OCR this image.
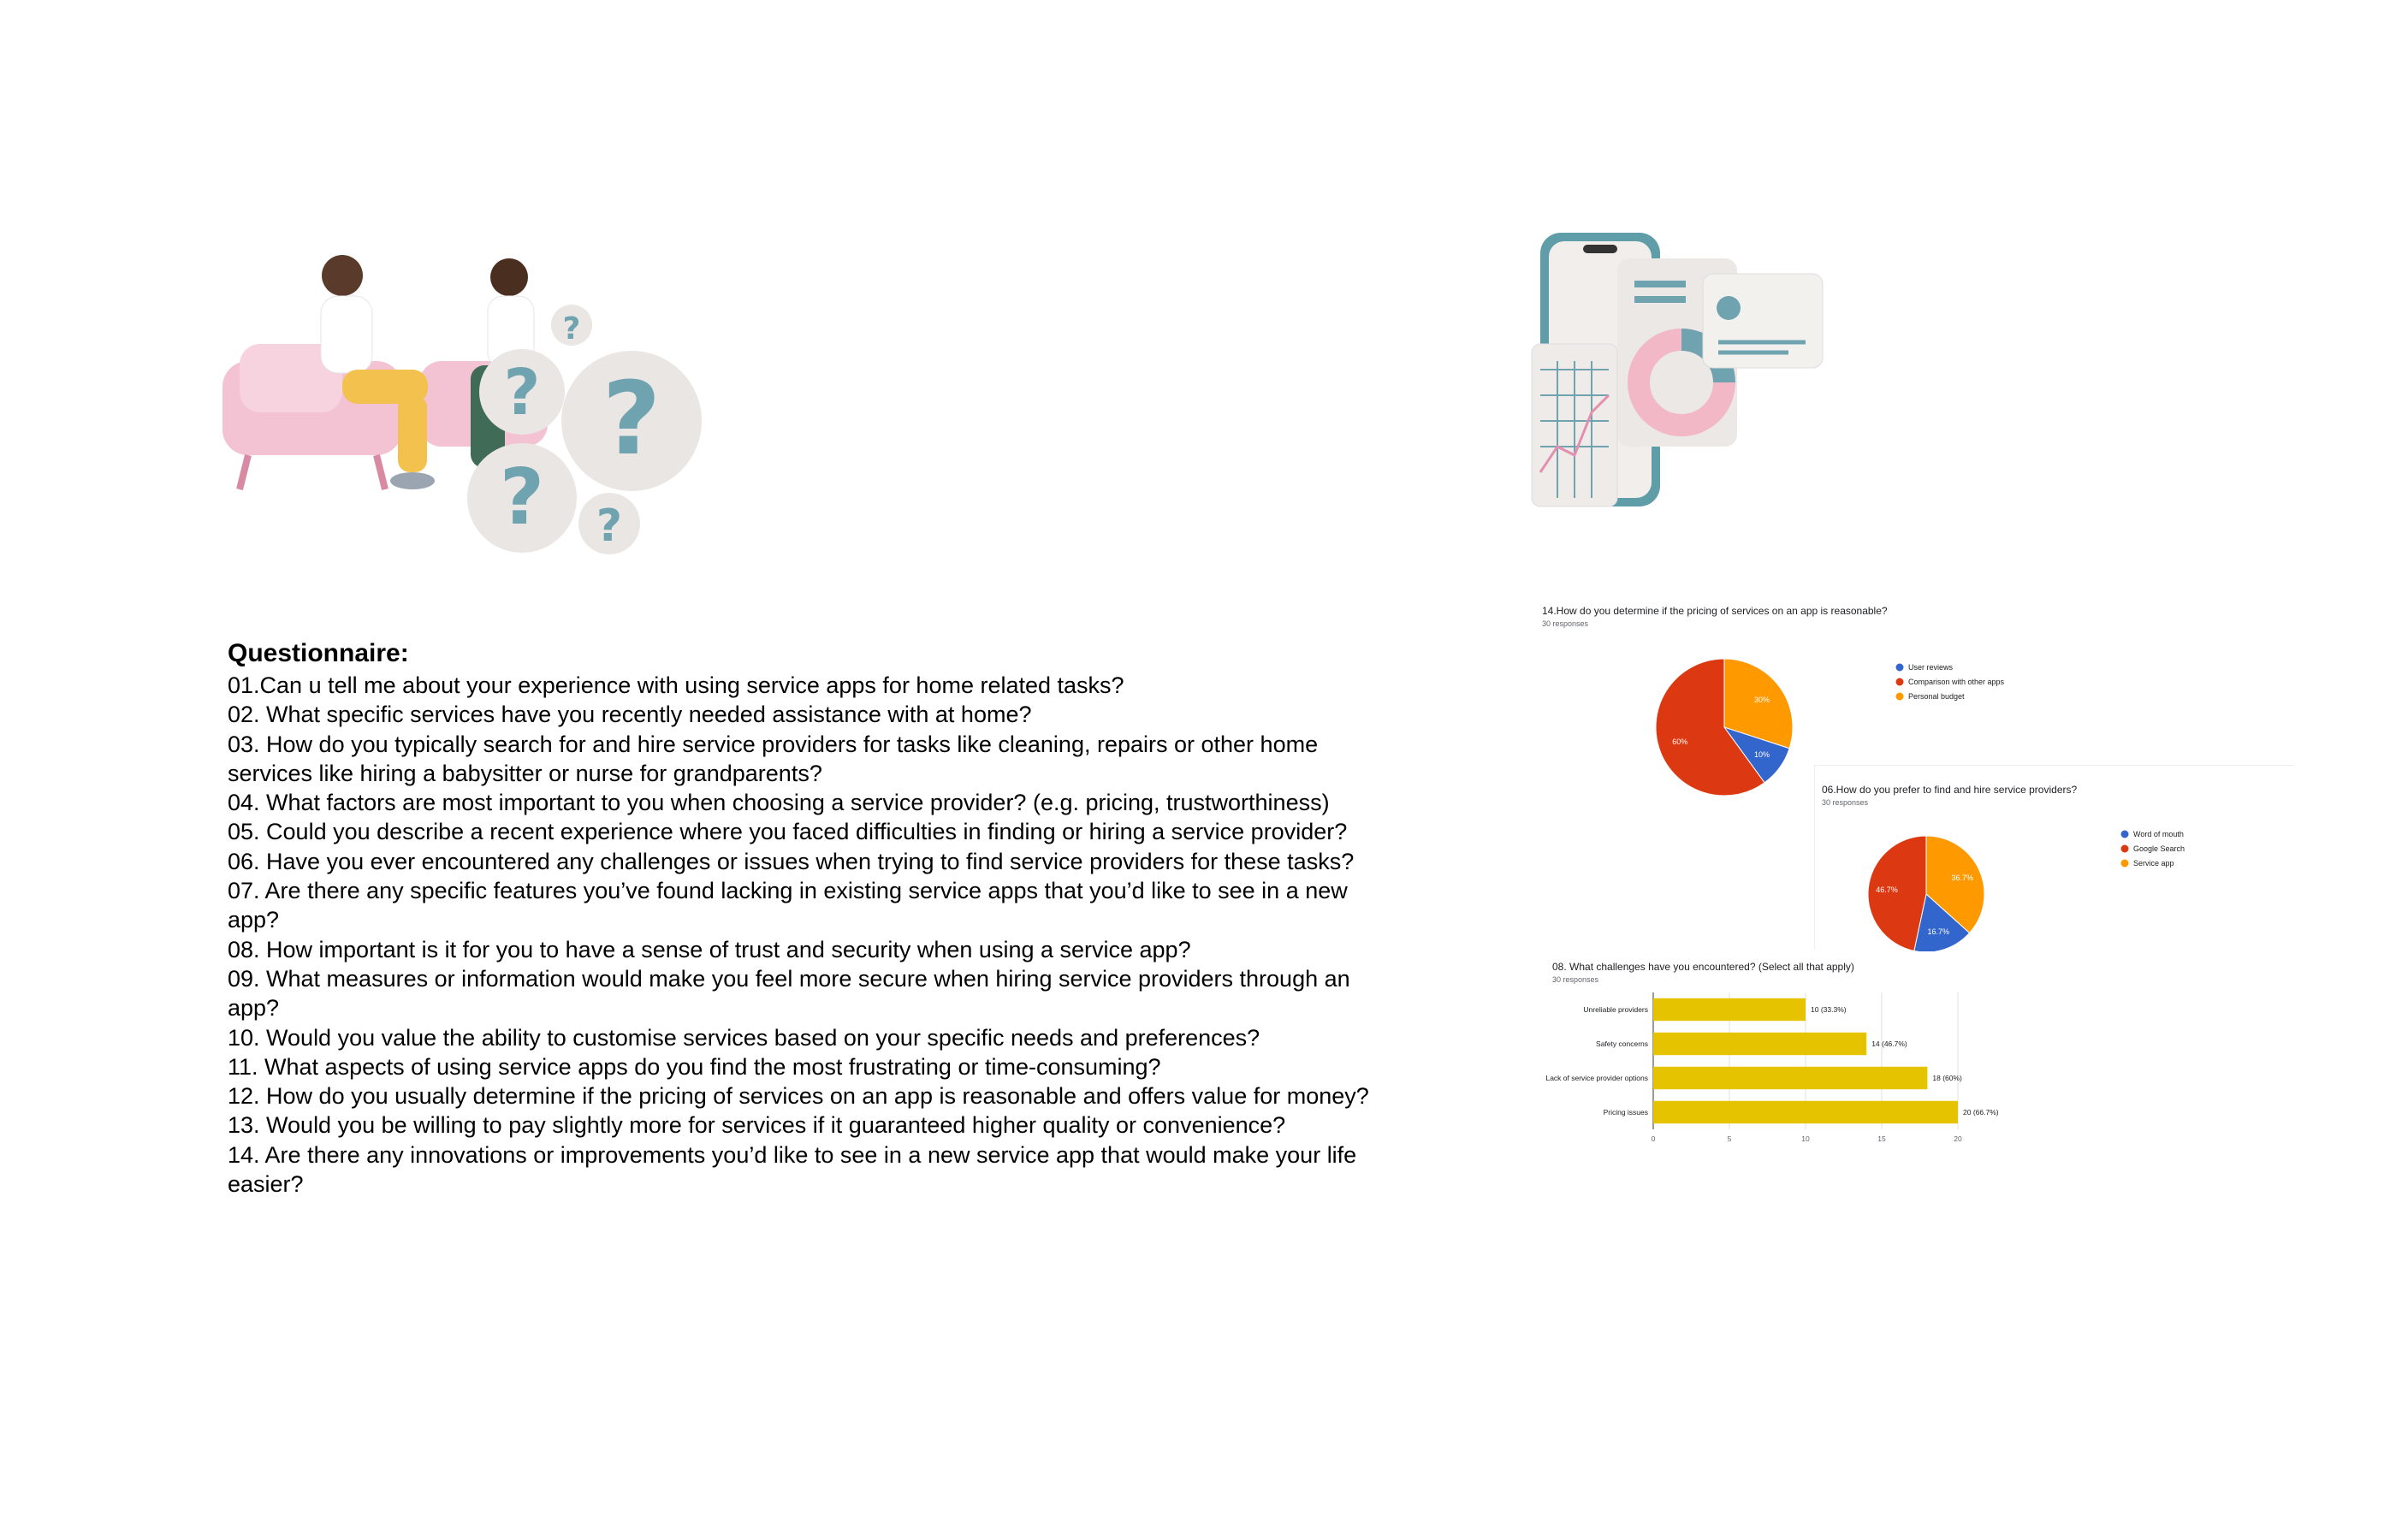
?
?
? ?
?
Questionnaire:
01.Can u tell me about your experience with using service apps for home related tasks?
02. What specific services have you recently needed assistance with at home?
03. How do you typically search for and hire service providers for tasks like cleaning, repairs or other home
services like hiring a babysitter or nurse for grandparents?
04. What factors are most important to you when choosing a service provider? (e.g. pricing, trustworthiness)
05. Could you describe a recent experience where you faced difficulties in finding or hiring a service provider?
06. Have you ever encountered any challenges or issues when trying to find service providers for these tasks?
07. Are there any specific features you’ve found lacking in existing service apps that you’d like to see in a new
app?
08. How important is it for you to have a sense of trust and security when using a service app?
09. What measures or information would make you feel more secure when hiring service providers through an
app?
10. Would you value the ability to customise services based on your specific needs and preferences?
11. What aspects of using service apps do you find the most frustrating or time-consuming?
12. How do you usually determine if the pricing of services on an app is reasonable and offers value for money?
13. Would you be willing to pay slightly more for services if it guaranteed higher quality or convenience?
14. Are there any innovations or improvements you’d like to see in a new service app that would make your life
easier?
14.How do you determine if the pricing of services on an app is reasonable?
30 responses
30%
10%
60%
User reviews
Comparison with other apps
Personal budget
06.How do you prefer to find and hire service providers?
30 responses
36.7%
16.7%
46.7%
Word of mouth
Google Search
Service app
08. What challenges have you encountered? (Select all that apply)
30 responses
0	5	10	15	20
Unreliable providers	10 (33.3%)
Safety concerns	14 (46.7%)
Lack of service provider options	18 (60%)
Pricing issues	20 (66.7%)
